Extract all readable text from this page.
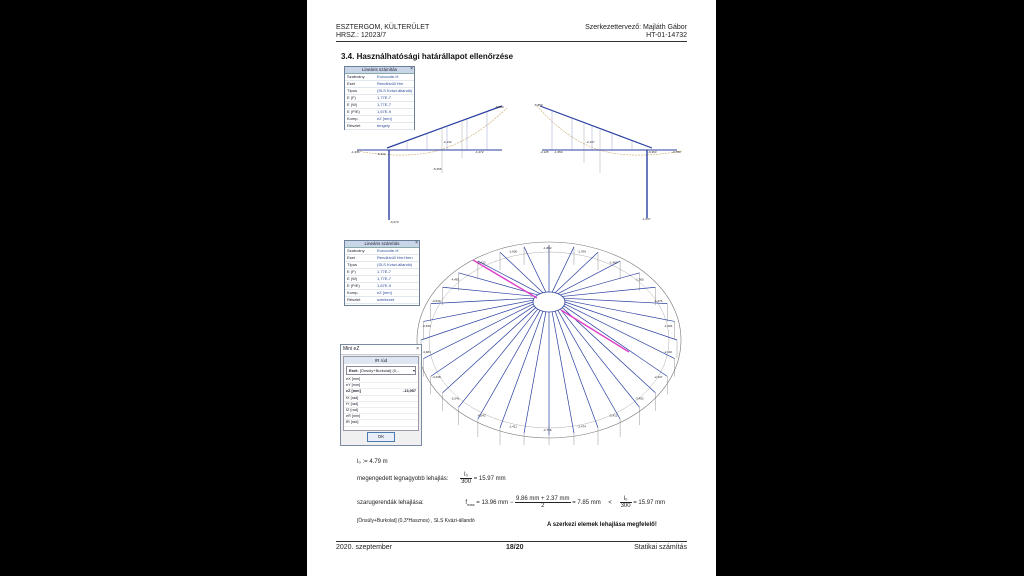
ESZTERGOM, KÜLTERÜLET
HRSZ.: 12023/7
Szerkezettervező: Majláth Gábor
HT-01-14732
3.4. Használhatósági határállapot ellenőrzése
-6,850
-1,334	-6,344	-1,272
-2,132
-6,270
-5,256
Lineáris számítás	×
Szabvány	Eurocode-H
Eset	Rendkívüli Hm
Típus	(SLS Kvázi-állandó)
E (F)	1,77E-7
E (W)	1,77E-7
E (P/E)	1,67E-9
Komp.	eZ [mm]
Részlet	tengely
-5,859
-2,125 -1,350	-6,363	-0,789
-1,597
-2,137
-1,802
-1,766
-1,460
-1,365
-1,476
-1,346
-2,116
-2,437
-3,452
-2,412
-2,474
-2,766
-1,411
-0,542
-2,541
-4,438
-4,481
-0,546
-0,649
-4,482
-2,412
-1,600
Lineáris számítás	×
Szabvány	Eurocode-H
Eset	Rendkívüli Hm.Hmn
Típus	(SLS Kvázi-állandó)
E (F)	1,77E-7
E (W)	1,77E-7
E (P/E)	1,67E-9
Komp.	eZ [mm]
Részlet	szerkezet
Mini eZ	×
IR rúd
Eset: [Önsúly+Burkolat] (0,...	▾
eX [mm]
eY [mm]
eZ [mm]	-13,957
fX [rad]
fY [rad]
fZ [rad]
eR [mm]
fR [rad]
OK
l₀ := 4.79 m
megengedett legnagyobb lehajlás: $\frac{\text{l₀}}{300} = 15.97$ mm
szarugerendák lehajlása:	$f_{max} = 13.96$ mm − $\frac{9.86 mm + 2.37 mm}{2} = 7.85$ mm < $\frac{\text{l₀}}{300} = 15.97$ mm
[Önsúly+Burkolat] (0,3*Hasznos) , SLS Kvázi-állandó
A szerkezi elemek lehajlása megfelelő!
2020. szeptember	18/20	Statikai számítás
